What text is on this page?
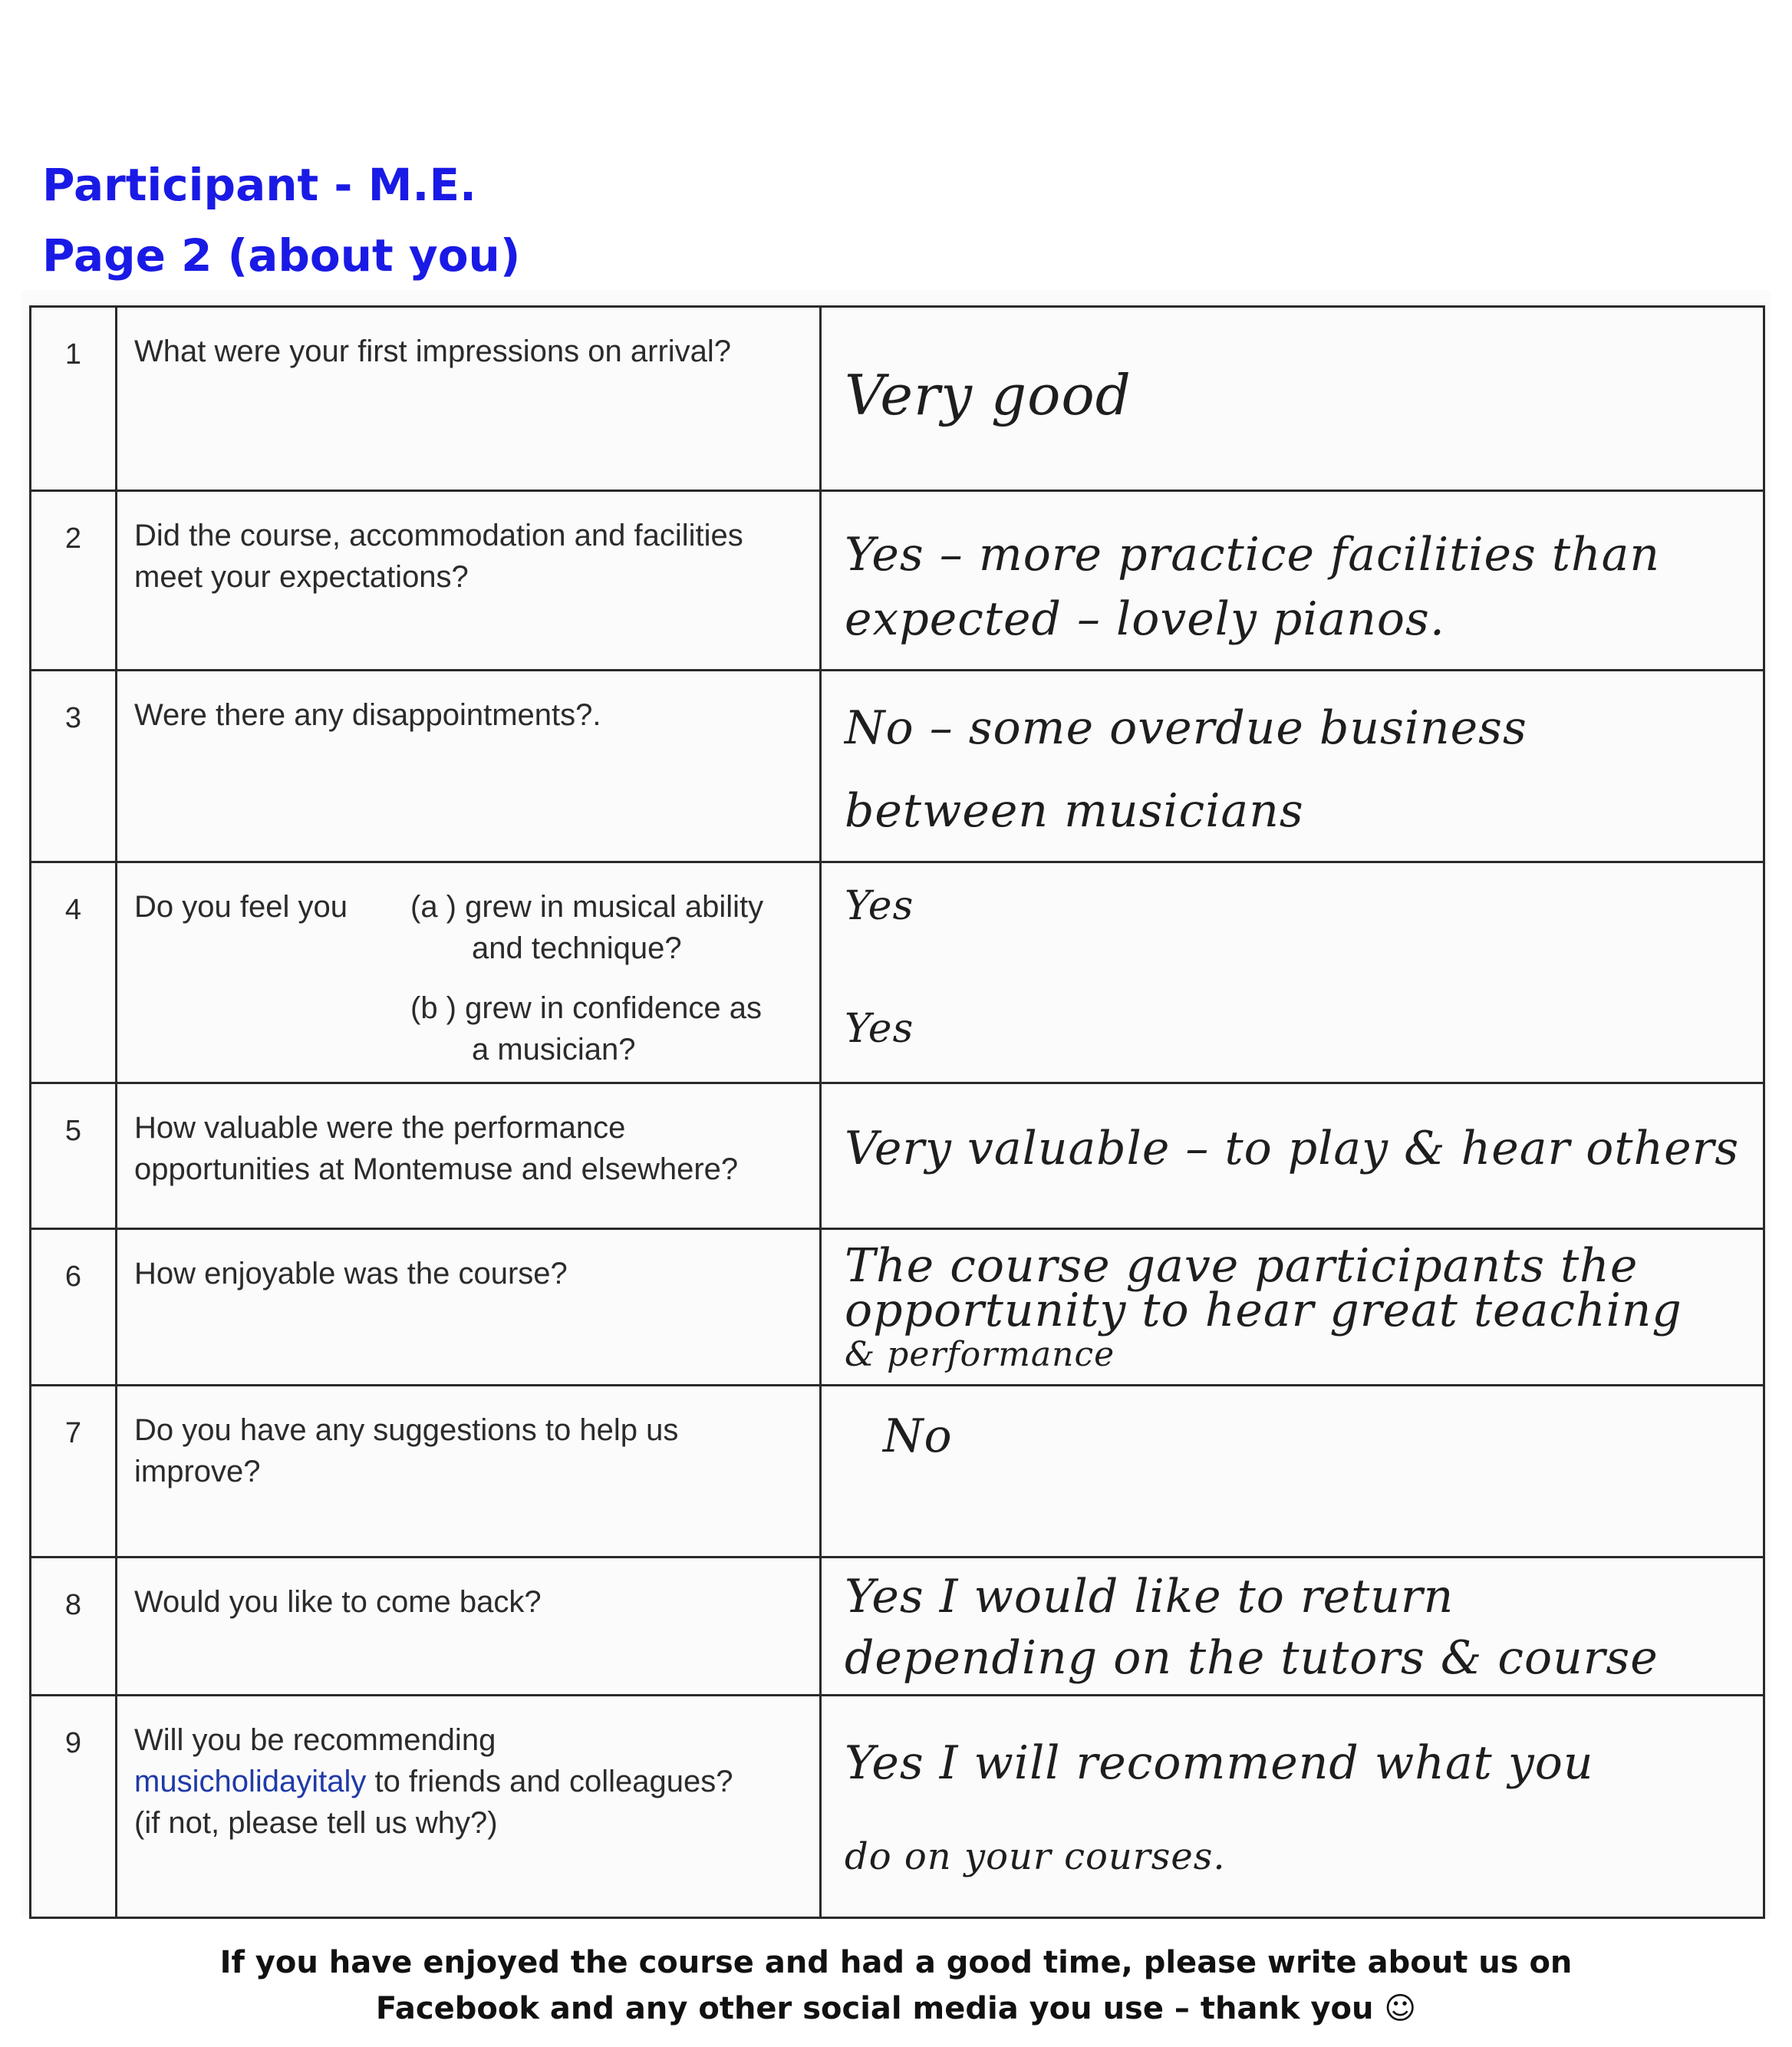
Participant - M.E.
Page 2 (about you)
1	What were your first impressions on arrival?	Very good

2	Did the course, accommodation and facilities meet your expectations?	Yes – more practice facilities than
expected – lovely pianos.

3	Were there any disappointments?.	No – some overdue business
between musicians

4	Do you feel you (a ) grew in musical ability
and technique?
(b ) grew in confidence as
a musician?	Yes
Yes

5	How valuable were the performance opportunities at Montemuse and elsewhere?	Very valuable – to play & hear others

6	How enjoyable was the course?	The course gave participants the
opportunity to hear great teaching
& performance

7	Do you have any suggestions to help us improve?	No

8	Would you like to come back?	Yes I would like to return
depending on the tutors & course

9	Will you be recommending
musicholidayitaly to friends and colleagues?
(if not, please tell us why?)	Yes I will recommend what you
do on your courses.
If you have enjoyed the course and had a good time, please write about us on
Facebook and any other social media you use – thank you ☺
